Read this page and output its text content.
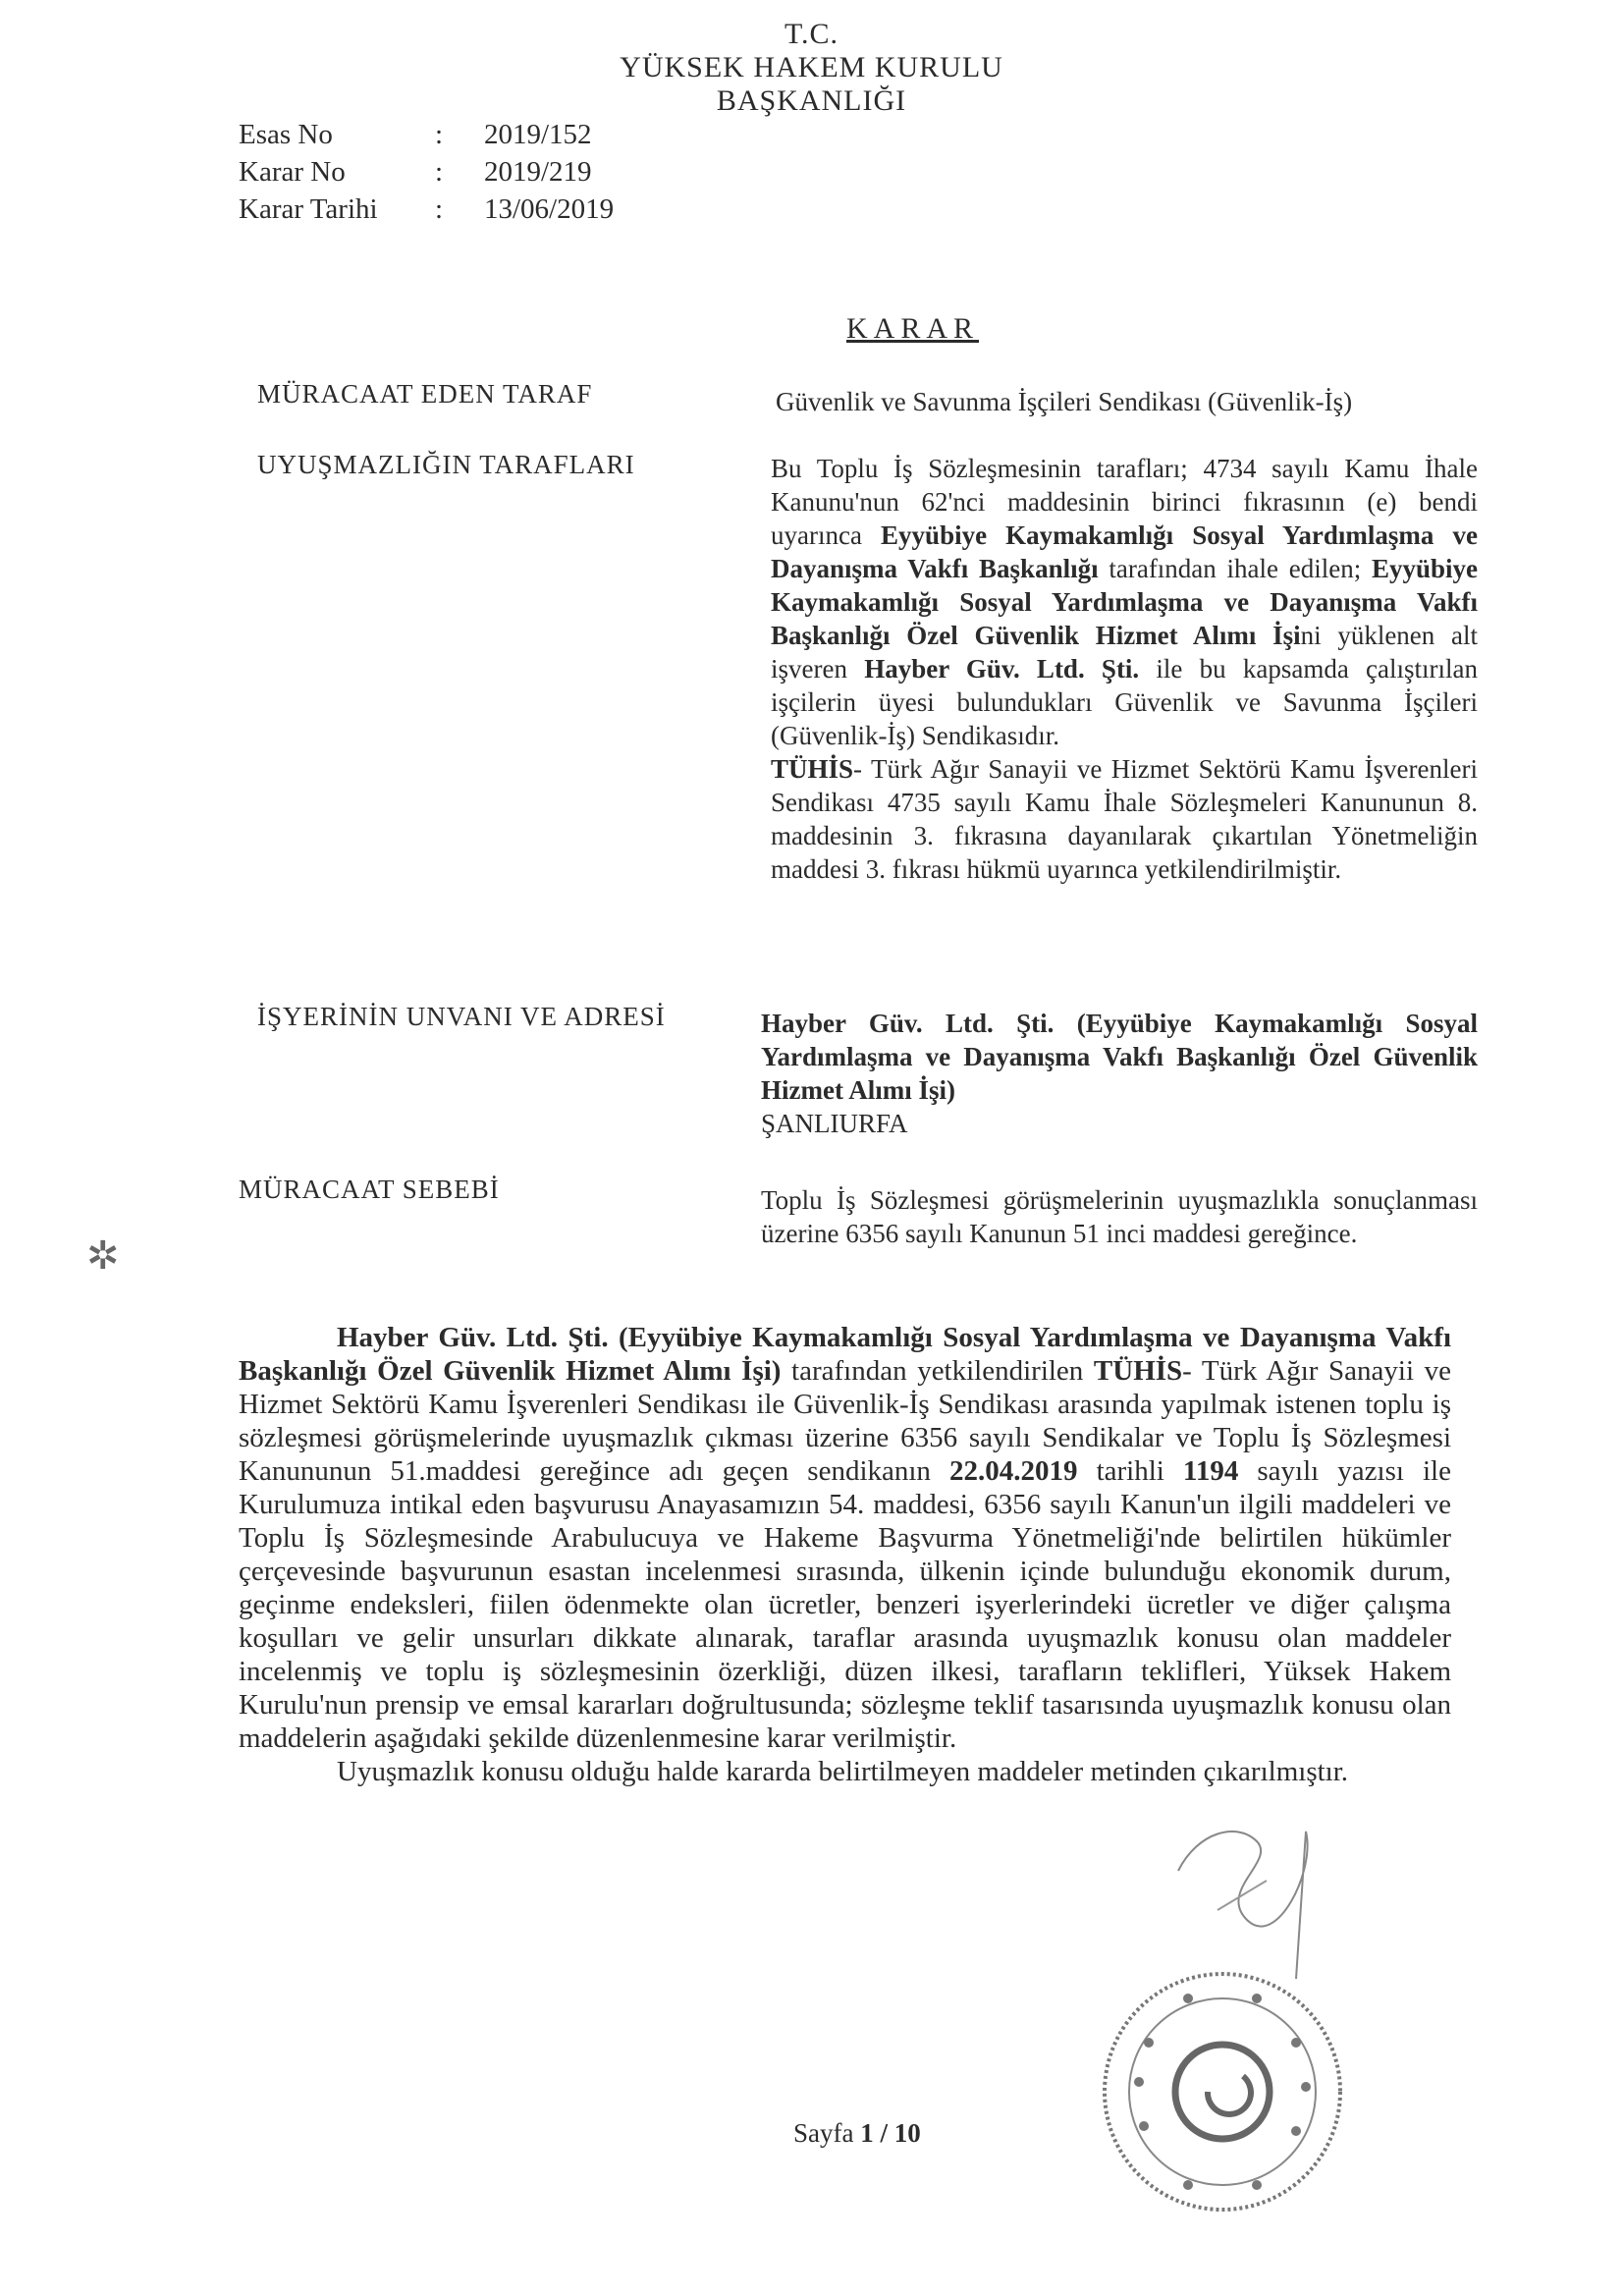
T.C.
YÜKSEK HAKEM KURULU
BAŞKANLIĞI
Esas No	: 2019/152
Karar No	: 2019/219
Karar Tarihi : 13/06/2019
KARAR
MÜRACAAT EDEN TARAF
UYUŞMAZLIĞIN TARAFLARI
İŞYERİNİN UNVANI VE ADRESİ
MÜRACAAT SEBEBİ
Güvenlik ve Savunma İşçileri Sendikası (Güvenlik-İş)

Bu Toplu İş Sözleşmesinin tarafları; 4734 sayılı Kamu İhale Kanunu'nun 62'nci maddesinin birinci fıkrasının (e) bendi uyarınca Eyyübiye Kaymakamlığı Sosyal Yardımlaşma ve Dayanışma Vakfı Başkanlığı tarafından ihale edilen; Eyyübiye Kaymakamlığı Sosyal Yardımlaşma ve Dayanışma Vakfı Başkanlığı Özel Güvenlik Hizmet Alımı İşini yüklenen alt işveren Hayber Güv. Ltd. Şti. ile bu kapsamda çalıştırılan işçilerin üyesi bulundukları Güvenlik ve Savunma İşçileri (Güvenlik-İş) Sendikasıdır.

TÜHİS- Türk Ağır Sanayii ve Hizmet Sektörü Kamu İşverenleri Sendikası 4735 sayılı Kamu İhale Sözleşmeleri Kanununun 8. maddesinin 3. fıkrasına dayanılarak çıkartılan Yönetmeliğin maddesi 3. fıkrası hükmü uyarınca yetkilendirilmiştir.

Hayber Güv. Ltd. Şti. (Eyyübiye Kaymakamlığı Sosyal Yardımlaşma ve Dayanışma Vakfı Başkanlığı Özel Güvenlik Hizmet Alımı İşi)

ŞANLIURFA

Toplu İş Sözleşmesi görüşmelerinin uyuşmazlıkla sonuçlanması üzerine 6356 sayılı Kanunun 51 inci maddesi gereğince.

Hayber Güv. Ltd. Şti. (Eyyübiye Kaymakamlığı Sosyal Yardımlaşma ve Dayanışma Vakfı Başkanlığı Özel Güvenlik Hizmet Alımı İşi) tarafından yetkilendirilen TÜHİS- Türk Ağır Sanayii ve Hizmet Sektörü Kamu İşverenleri Sendikası ile Güvenlik-İş Sendikası arasında yapılmak istenen toplu iş sözleşmesi görüşmelerinde uyuşmazlık çıkması üzerine 6356 sayılı Sendikalar ve Toplu İş Sözleşmesi Kanununun 51.maddesi gereğince adı geçen sendikanın 22.04.2019 tarihli 1194 sayılı yazısı ile Kurulumuza intikal eden başvurusu Anayasamızın 54. maddesi, 6356 sayılı Kanun'un ilgili maddeleri ve Toplu İş Sözleşmesinde Arabulucuya ve Hakeme Başvurma Yönetmeliği'nde belirtilen hükümler çerçevesinde başvurunun esastan incelenmesi sırasında, ülkenin içinde bulunduğu ekonomik durum, geçinme endeksleri, fiilen ödenmekte olan ücretler, benzeri işyerlerindeki ücretler ve diğer çalışma koşulları ve gelir unsurları dikkate alınarak, taraflar arasında uyuşmazlık konusu olan maddeler incelenmiş ve toplu iş sözleşmesinin özerkliği, düzen ilkesi, tarafların teklifleri, Yüksek Hakem Kurulu'nun prensip ve emsal kararları doğrultusunda; sözleşme teklif tasarısında uyuşmazlık konusu olan maddelerin aşağıdaki şekilde düzenlenmesine karar verilmiştir.

Uyuşmazlık konusu olduğu halde kararda belirtilmeyen maddeler metinden çıkarılmıştır.

✲
Sayfa 1 / 10
